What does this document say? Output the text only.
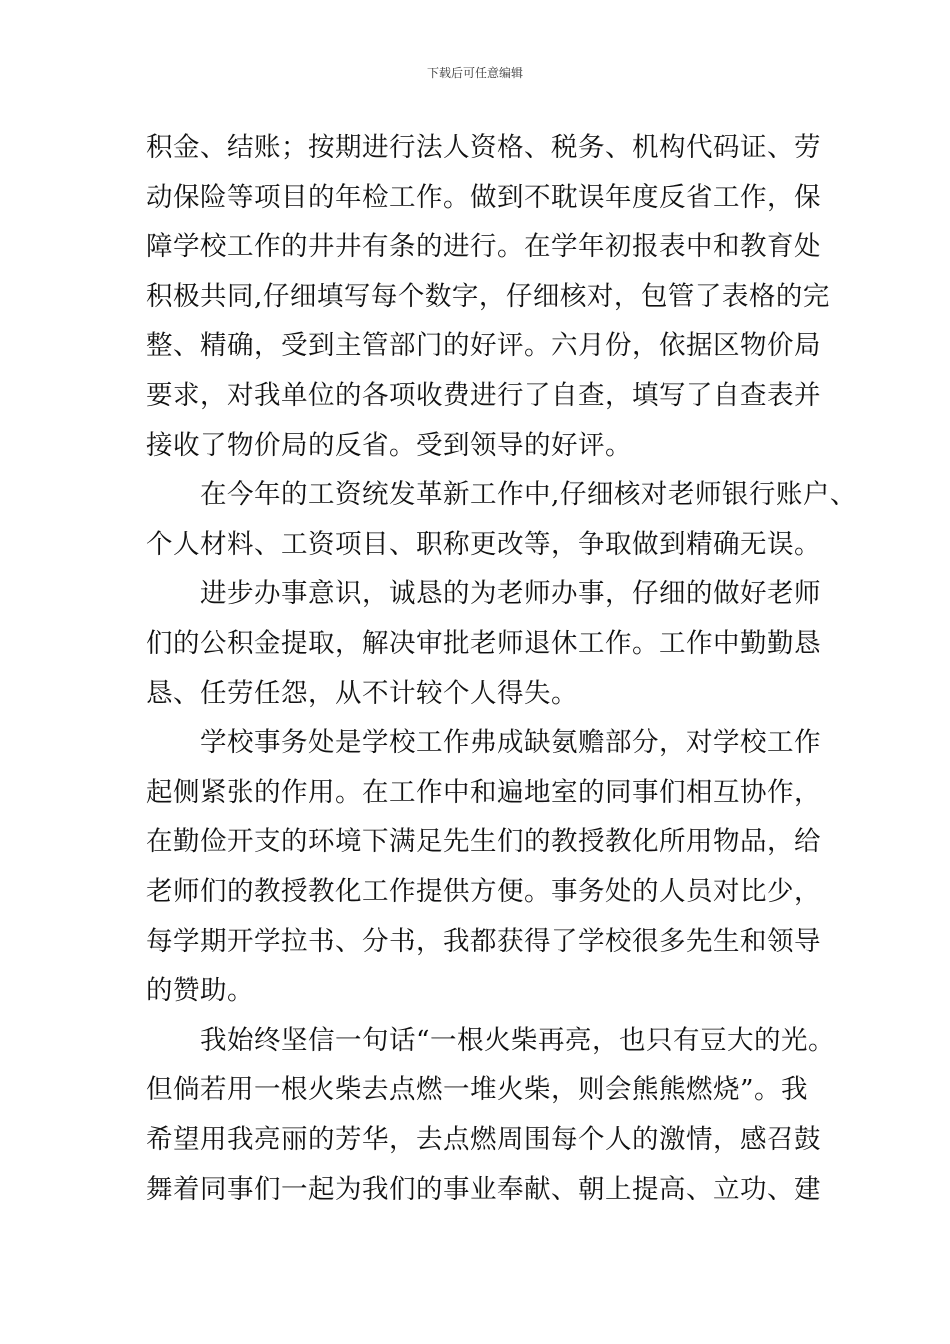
下载后可任意编辑
积金、结账；按期进行法人资格、税务、机构代码证、劳
动保险等项目的年检工作。做到不耽误年度反省工作，保
障学校工作的井井有条的进行。在学年初报表中和教育处
积极共同,仔细填写每个数字，仔细核对，包管了表格的完
整、精确，受到主管部门的好评。六月份，依据区物价局
要求，对我单位的各项收费进行了自查，填写了自查表并
接收了物价局的反省。受到领导的好评。
在今年的工资统发革新工作中,仔细核对老师银行账户、
个人材料、工资项目、职称更改等，争取做到精确无误。
进步办事意识，诚恳的为老师办事，仔细的做好老师
们的公积金提取，解决审批老师退休工作。工作中勤勤恳
恳、任劳任怨，从不计较个人得失。
学校事务处是学校工作弗成缺氨赡部分，对学校工作
起侧紧张的作用。在工作中和遍地室的同事们相互协作，
在勤俭开支的环境下满足先生们的教授教化所用物品，给
老师们的教授教化工作提供方便。事务处的人员对比少，
每学期开学拉书、分书，我都获得了学校很多先生和领导
的赞助。
我始终坚信一句话“一根火柴再亮，也只有豆大的光。
但倘若用一根火柴去点燃一堆火柴，则会熊熊燃烧”。我
希望用我亮丽的芳华，去点燃周围每个人的激情，感召鼓
舞着同事们一起为我们的事业奉献、朝上提高、立功、建
